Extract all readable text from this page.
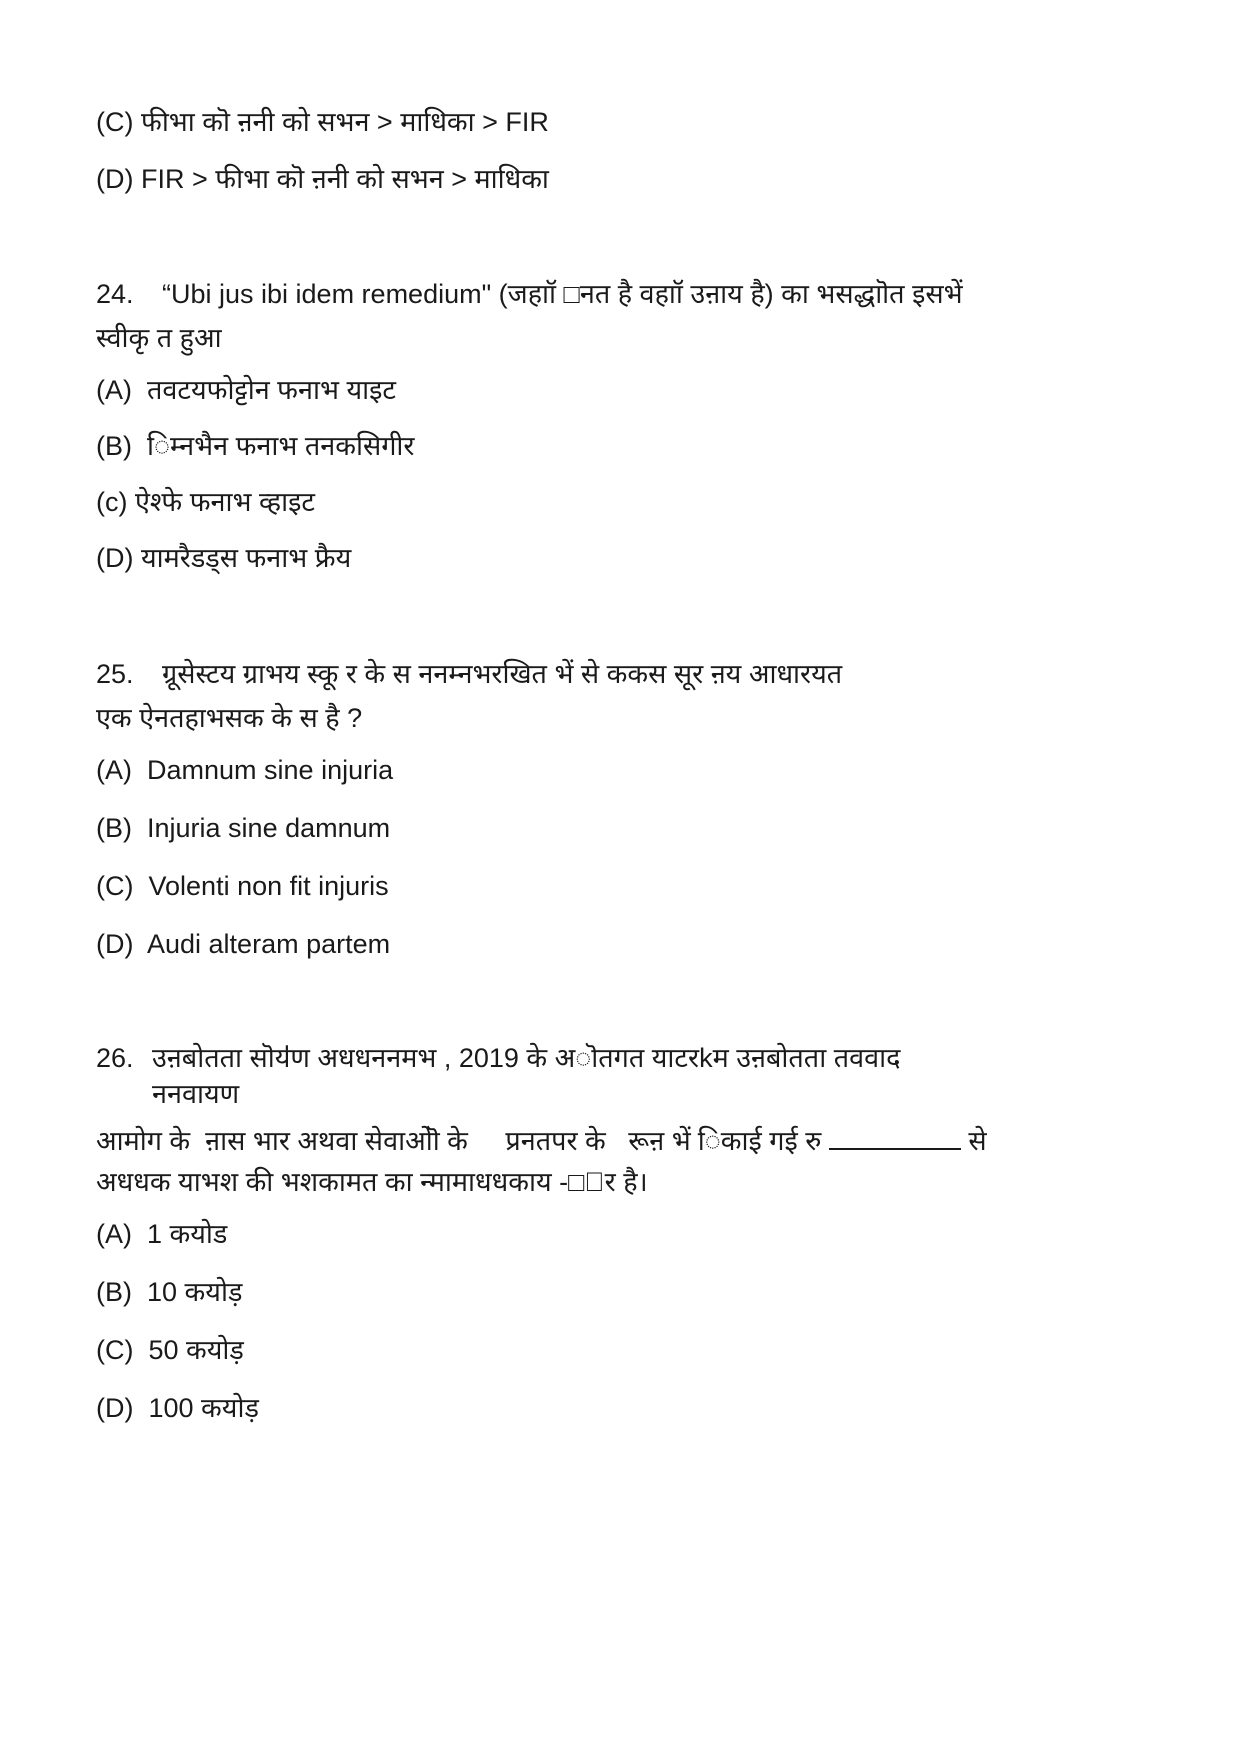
(C) फीभा कॊ ऩनी को सभन > माधिका > FIR
(D) FIR > फीभा कॊ ऩनी को सभन > माधिका
24. “Ubi jus ibi idem remedium" (जहाॉ □नत है वहाॉ उऩाय है) का भसद्धाॊत इसभें
स्वीकृ त हुआ
(A) तवटयफोट्टोन फनाभ याइट
(B) िम्नभैन फनाभ तनकसिगीर
(c) ऐश्फे फनाभ व्हाइट
(D) यामरैडड्स फनाभ फ्रैय
25. ग्रूसेस्टय ग्राभय स्कू र के स ननम्नभरखित भें से ककस सूर ऩय आधारयत
एक ऐनतहाभसक के स है ?
(A) Damnum sine injuria
(B) Injuria sine damnum
(C) Volenti non fit injuris
(D) Audi alteram partem
26. उऩबोतता सॊयऺण अधधननमभ , 2019 के अॊतगत याटरkम उऩबोतता तववाद
ननवायण
आमोग के  ऩास भार अथवा सेवाओॊ के     प्रनतपर के   रूऩ भें िकाई गई रु	से
अधधक याभश की भशकामत का न्मामाधधकाय -□ेर है।
(A) 1 कयोड
(B) 10 कयोड़
(C) 50 कयोड़
(D) 100 कयोड़
